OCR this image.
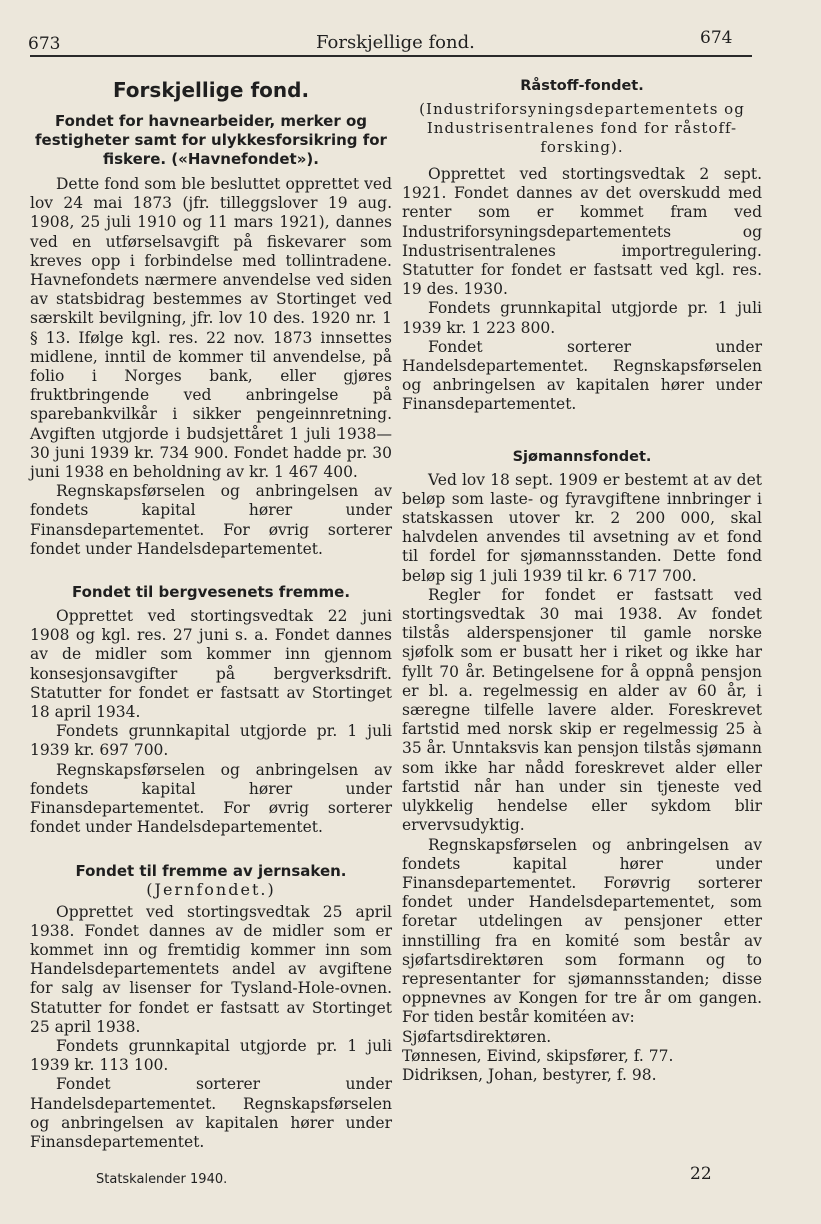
673	Forskjellige fond.	674
Forskjellige fond.
Fondet for havnearbeider, merker og festigheter samt for ulykkesforsikring for fiskere. («Havnefondet»).

Dette fond som ble besluttet opprettet ved lov 24 mai 1873 (jfr. tilleggslover 19 aug. 1908, 25 juli 1910 og 11 mars 1921), dannes ved en utførselsavgift på fiskevarer som kreves opp i forbindelse med tollintradene. Havnefondets nærmere anvendelse ved siden av statsbidrag bestemmes av Stortinget ved særskilt bevilgning, jfr. lov 10 des. 1920 nr. 1 § 13. Ifølge kgl. res. 22 nov. 1873 innsettes midlene, inntil de kommer til anvendelse, på folio i Norges bank, eller gjøres fruktbringende ved anbringelse på sparebankvilkår i sikker pengeinnretning. Avgiften utgjorde i budsjettåret 1 juli 1938—30 juni 1939 kr. 734 900. Fondet hadde pr. 30 juni 1938 en beholdning av kr. 1 467 400.

Regnskapsførselen og anbringelsen av fondets kapital hører under Finansdepartementet. For øvrig sorterer fondet under Handelsdepartementet.

Fondet til bergvesenets fremme.

Opprettet ved stortingsvedtak 22 juni 1908 og kgl. res. 27 juni s. a. Fondet dannes av de midler som kommer inn gjennom konsesjonsavgifter på bergverksdrift. Statutter for fondet er fastsatt av Stortinget 18 april 1934.

Fondets grunnkapital utgjorde pr. 1 juli 1939 kr. 697 700.

Regnskapsførselen og anbringelsen av fondets kapital hører under Finansdepartementet. For øvrig sorterer fondet under Handelsdepartementet.

Fondet til fremme av jernsaken.
(Jernfondet.)

Opprettet ved stortingsvedtak 25 april 1938. Fondet dannes av de midler som er kommet inn og fremtidig kommer inn som Handelsdepartementets andel av avgiftene for salg av lisenser for Tysland-Hole-ovnen. Statutter for fondet er fastsatt av Stortinget 25 april 1938.

Fondets grunnkapital utgjorde pr. 1 juli 1939 kr. 113 100.

Fondet sorterer under Handelsdepartementet. Regnskapsførselen og anbringelsen av kapitalen hører under Finansdepartementet.

Råstoff-fondet.
(Industriforsyningsdepartementets og Industrisentralenes fond for råstoff-forsking).

Opprettet ved stortingsvedtak 2 sept. 1921. Fondet dannes av det overskudd med renter som er kommet fram ved Industriforsyningsdepartementets og Industrisentralenes importregulering. Statutter for fondet er fastsatt ved kgl. res. 19 des. 1930.

Fondets grunnkapital utgjorde pr. 1 juli 1939 kr. 1 223 800.

Fondet sorterer under Handelsdepartementet. Regnskapsførselen og anbringelsen av kapitalen hører under Finansdepartementet.

Sjømannsfondet.

Ved lov 18 sept. 1909 er bestemt at av det beløp som laste- og fyravgiftene innbringer i statskassen utover kr. 2 200 000, skal halvdelen anvendes til avsetning av et fond til fordel for sjømannsstanden. Dette fond beløp sig 1 juli 1939 til kr. 6 717 700.

Regler for fondet er fastsatt ved stortingsvedtak 30 mai 1938. Av fondet tilstås alderspensjoner til gamle norske sjøfolk som er busatt her i riket og ikke har fyllt 70 år. Betingelsene for å oppnå pensjon er bl. a. regelmessig en alder av 60 år, i særegne tilfelle lavere alder. Foreskrevet fartstid med norsk skip er regelmessig 25 à 35 år. Unntaksvis kan pensjon tilstås sjømann som ikke har nådd foreskrevet alder eller fartstid når han under sin tjeneste ved ulykkelig hendelse eller sykdom blir ervervsudyktig.

Regnskapsførselen og anbringelsen av fondets kapital hører under Finansdepartementet. Forøvrig sorterer fondet under Handelsdepartementet, som foretar utdelingen av pensjoner etter innstilling fra en komité som består av sjøfartsdirektøren som formann og to representanter for sjømannsstanden; disse oppnevnes av Kongen for tre år om gangen. For tiden består komitéen av:

Sjøfartsdirektøren.

Tønnesen, Eivind, skipsfører, f. 77.

Didriksen, Johan, bestyrer, f. 98.

Statskalender 1940.	22
